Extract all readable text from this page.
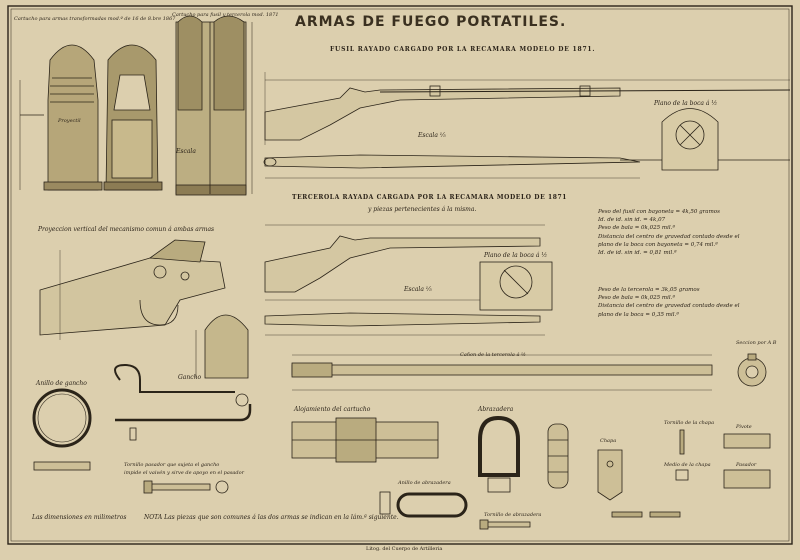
ARMAS DE FUEGO PORTATILES.
Cartucho para armas transformadas mod.º de 16 de 8.bre 1867
Cartucho para fusil y tercerola mod. 1871
Proyectil
Escala
Proyeccion vertical del mecanismo comun á ambas armas
FUSIL RAYADO CARGADO POR LA RECAMARA MODELO DE 1871.
Escala ¹⁄₅
Plano de la boca á ½
TERCEROLA RAYADA CARGADA POR LA RECAMARA MODELO DE 1871
y piezas pertenecientes á la misma.
Escala ¹⁄₅
Plano de la boca á ½
Peso del fusil con bayoneta = 4k,50 gramos
Id. de id. sin id. = 4k,07
Peso de bala = 0k,025 mil.ª
Distancia del centro de gravedad contado desde el
plano de la boca con bayoneta = 0,74 mil.ª
Id. de id. sin id. = 0,81 mil.ª
Peso de la tercerola = 3k,05 gramos
Peso de bala = 0k,025 mil.ª
Distancia del centro de gravedad contado desde el
plano de la boca = 0,35 mil.ª
Cañon de la tercerola á ½
Seccion por A B
Anillo de gancho
Gancho
Tornillo pasador que sujeta el gancho
impide el vaivén y sirve de apoyo en el pasador
Alojamiento del cartucho	Abrazadera
Anillo de abrazadera
Tornillo de abrazadera
Chapa
Tornillo de la chapa
Medio de la chapa
Pivote
Pasador
Las dimensiones en milimetros	NOTA Las piezas que son comunes á las dos armas se indican en la lám.ª siguiente.
Litog. del Cuerpo de Artilleria
